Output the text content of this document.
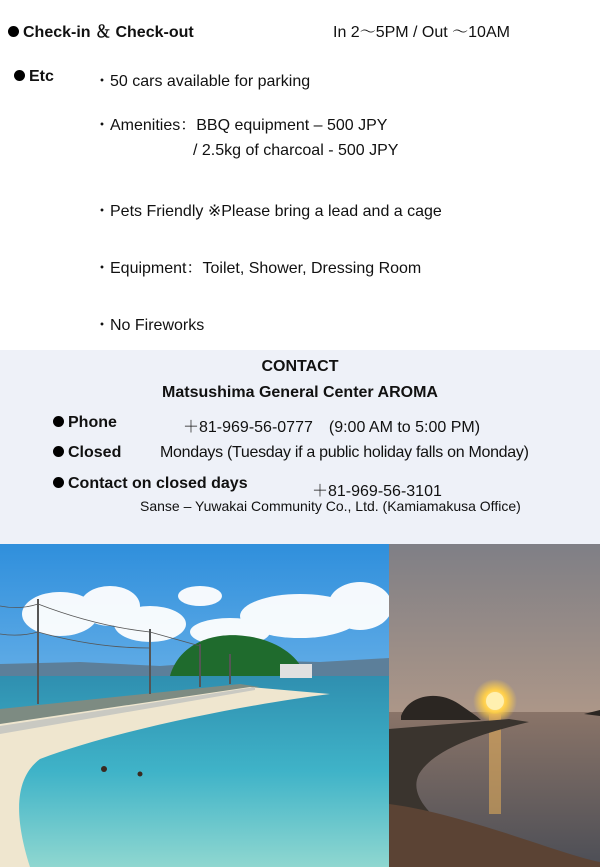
Check-in ＆ Check-out	In 2〜5PM / Out 〜10AM
Etc	・50 cars available for parking
・Amenities：BBQ equipment – 500 JPY
/ 2.5kg of charcoal - 500 JPY
・Pets Friendly ※Please bring a lead and a cage
・Equipment：Toilet, Shower, Dressing Room
・No Fireworks
CONTACT
Matsushima General Center AROMA
Phone	＋81-969-56-0777　(9:00 AM to 5:00 PM)
Closed Mondays (Tuesday if a public holiday falls on Monday)
Contact on closed days	＋81-969-56-3101
Sanse – Yuwakai Community Co., Ltd. (Kamiamakusa Office)
